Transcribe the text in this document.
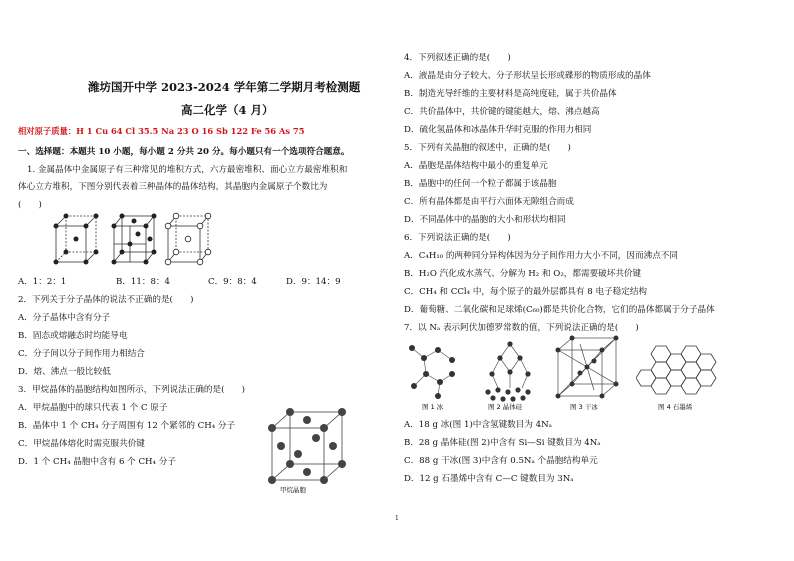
潍坊国开中学 2023-2024 学年第二学期月考检测题
高二化学（4 月）
相对原子质量：H 1 Cu 64 Cl 35.5 Na 23 O 16 Sb 122 Fe 56 As 75
一、选择题：本题共 10 小题，每小题 2 分共 20 分。每小题只有一个选项符合题意。
1. 金属晶体中金属原子有三种常见的堆积方式，六方最密堆积、面心立方最密堆积和
体心立方堆积，下图分别代表着三种晶体的晶体结构，其晶胞内金属原子个数比为
(　　)
A．1：2：1	B．11：8：4	C．9：8：4	D．9：14：9
2．下列关于分子晶体的说法不正确的是(　　)
A．分子晶体中含有分子
B．固态或熔融态时均能导电
C．分子间以分子间作用力相结合
D．熔、沸点一般比较低
3．甲烷晶体的晶胞结构如图所示，下列说法正确的是(　　)
A．甲烷晶胞中的球只代表 1 个 C 原子
B．晶体中 1 个 CH₄ 分子周围有 12 个紧邻的 CH₄ 分子
C．甲烷晶体熔化时需克服共价键
D．1 个 CH₄ 晶胞中含有 6 个 CH₄ 分子
甲烷晶胞
4．下列叙述正确的是(　　)
A．液晶是由分子较大、分子形状呈长形或碟形的物质形成的晶体
B．制造光导纤维的主要材料是高纯度硅，属于共价晶体
C．共价晶体中，共价键的键能越大，熔、沸点越高
D．硫化氢晶体和冰晶体升华时克服的作用力相同
5．下列有关晶胞的叙述中，正确的是(　　)
A．晶胞是晶体结构中最小的重复单元
B．晶胞中的任何一个粒子都属于该晶胞
C．所有晶体都是由平行六面体无隙组合而成
D．不同晶体中的晶胞的大小和形状均相同
6．下列说法正确的是(　　)
A．C₄H₁₀ 的两种同分异构体因为分子间作用力大小不同，因而沸点不同
B．H₂O 汽化成水蒸气、分解为 H₂ 和 O₂，都需要破坏共价键
C．CH₄ 和 CCl₄ 中，每个原子的最外层都具有 8 电子稳定结构
D．葡萄糖、二氧化碳和足球烯(C₆₀)都是共价化合物，它们的晶体都属于分子晶体
7．以 Nₐ 表示阿伏加德罗常数的值，下列说法正确的是(　　)
图 1 冰	图 2 晶体硅	图 3 干冰	图 4 石墨烯
A．18 g 冰(图 1)中含氢键数目为 4Nₐ
B．28 g 晶体硅(图 2)中含有 Si—Si 键数目为 4Nₐ
C．88 g 干冰(图 3)中含有 0.5Nₐ 个晶胞结构单元
D．12 g 石墨烯中含有 C—C 键数目为 3Nₐ
1
